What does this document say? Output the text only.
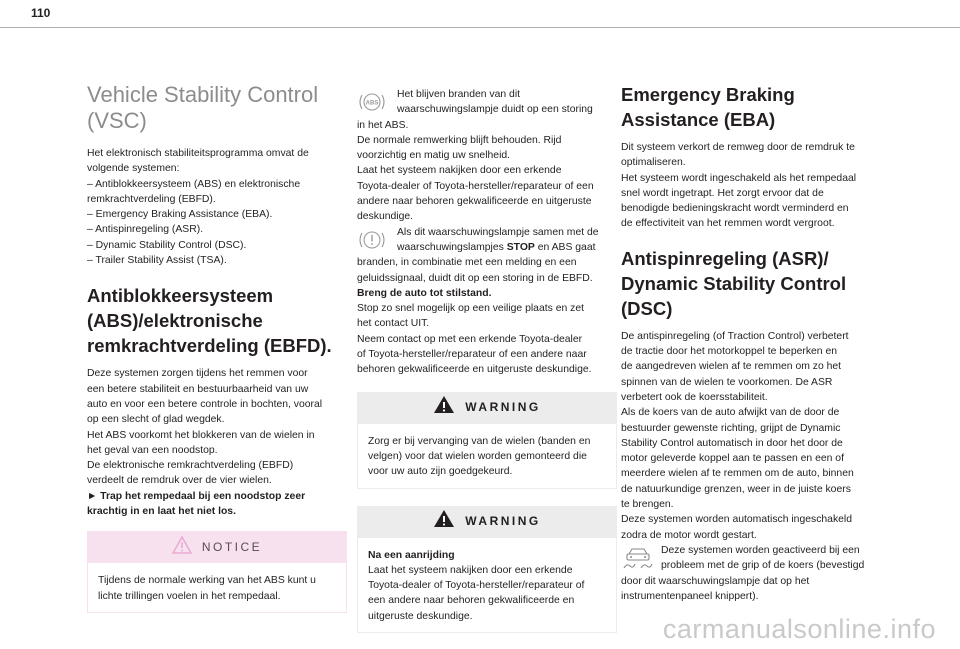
110
Vehicle Stability Control
(VSC)

Het elektronisch stabiliteitsprogramma omvat de

volgende systemen:

– Antiblokkeersysteem (ABS) en elektronische

remkrachtverdeling (EBFD).

– Emergency Braking Assistance (EBA).

– Antispinregeling (ASR).

– Dynamic Stability Control (DSC).

– Trailer Stability Assist (TSA).

Antiblokkeersysteem
(ABS)/elektronische
remkrachtverdeling (EBFD).

Deze systemen zorgen tijdens het remmen voor

een betere stabiliteit en bestuurbaarheid van uw

auto en voor een betere controle in bochten, vooral

op een slecht of glad wegdek.

Het ABS voorkomt het blokkeren van de wielen in

het geval van een noodstop.

De elektronische remkrachtverdeling (EBFD)

verdeelt de remdruk over de vier wielen.

► Trap het rempedaal bij een noodstop zeer

krachtig in en laat het niet los.

NOTICE

Tijdens de normale werking van het ABS kunt u

lichte trillingen voelen in het rempedaal.

ABS

Het blijven branden van dit

waarschuwingslampje duidt op een storing

in het ABS.

De normale remwerking blijft behouden. Rijd

voorzichtig en matig uw snelheid.

Laat het systeem nakijken door een erkende

Toyota-dealer of Toyota-hersteller/reparateur of een

andere naar behoren gekwalificeerde en uitgeruste

deskundige.

Als dit waarschuwingslampje samen met de

waarschuwingslampjes STOP en ABS gaat

branden, in combinatie met een melding en een

geluidssignaal, duidt dit op een storing in de EBFD.

Breng de auto tot stilstand.

Stop zo snel mogelijk op een veilige plaats en zet

het contact UIT.

Neem contact op met een erkende Toyota-dealer

of Toyota-hersteller/reparateur of een andere naar

behoren gekwalificeerde en uitgeruste deskundige.

WARNING

Zorg er bij vervanging van de wielen (banden en

velgen) voor dat wielen worden gemonteerd die

voor uw auto zijn goedgekeurd.

WARNING

Na een aanrijding

Laat het systeem nakijken door een erkende

Toyota-dealer of Toyota-hersteller/reparateur of

een andere naar behoren gekwalificeerde en

uitgeruste deskundige.

Emergency Braking
Assistance (EBA)

Dit systeem verkort de remweg door de remdruk te

optimaliseren.

Het systeem wordt ingeschakeld als het rempedaal

snel wordt ingetrapt. Het zorgt ervoor dat de

benodigde bedieningskracht wordt verminderd en

de effectiviteit van het remmen wordt vergroot.

Antispinregeling (ASR)/
Dynamic Stability Control
(DSC)

De antispinregeling (of Traction Control) verbetert

de tractie door het motorkoppel te beperken en

de aangedreven wielen af te remmen om zo het

spinnen van de wielen te voorkomen. De ASR

verbetert ook de koersstabiliteit.

Als de koers van de auto afwijkt van de door de

bestuurder gewenste richting, grijpt de Dynamic

Stability Control automatisch in door het door de

motor geleverde koppel aan te passen en een of

meerdere wielen af te remmen om de auto, binnen

de natuurkundige grenzen, weer in de juiste koers

te brengen.

Deze systemen worden automatisch ingeschakeld

zodra de motor wordt gestart.

Deze systemen worden geactiveerd bij een

probleem met de grip of de koers (bevestigd

door dit waarschuwingslampje dat op het

instrumentenpaneel knippert).

carmanualsonline.info
